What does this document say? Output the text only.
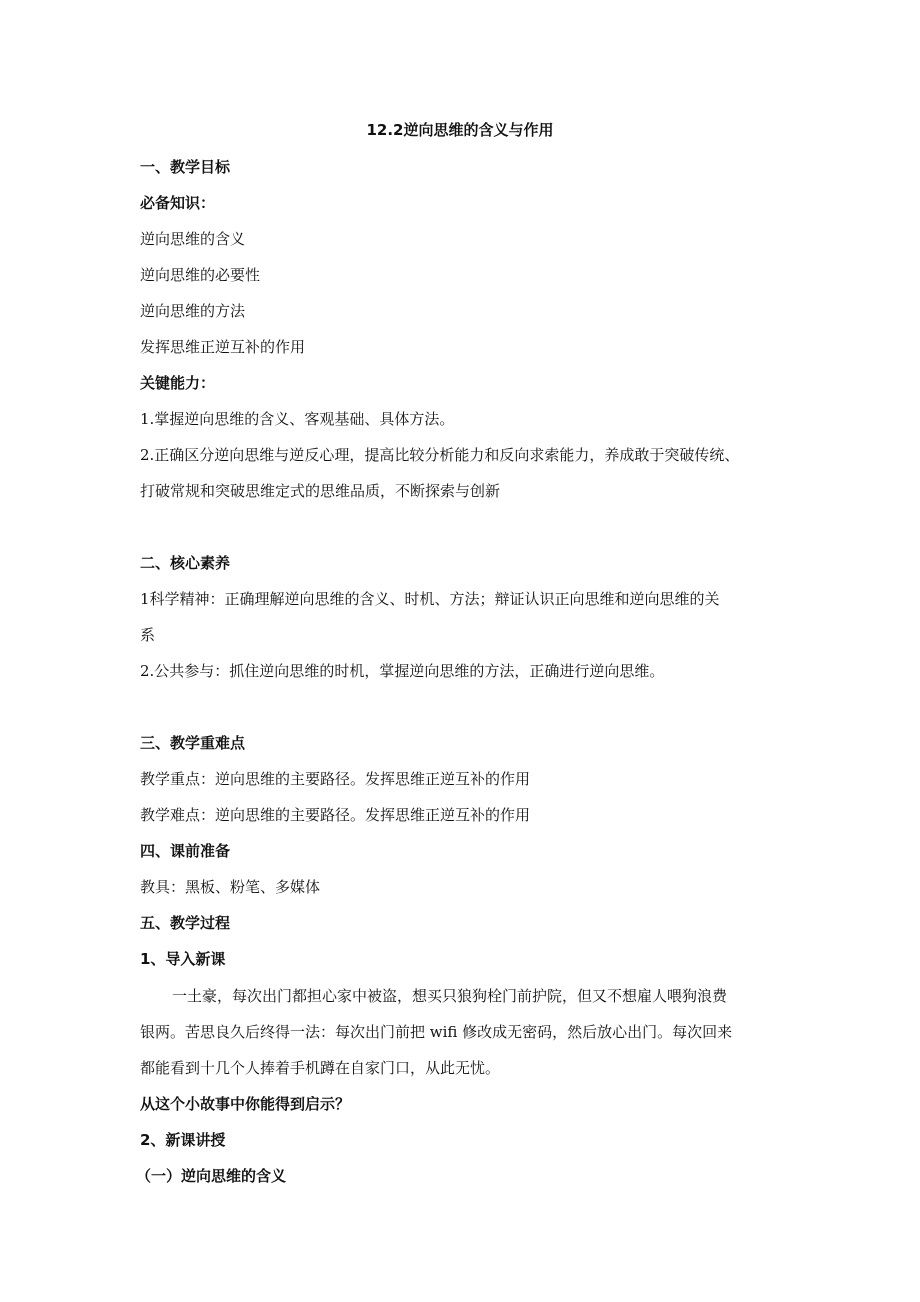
12.2逆向思维的含义与作用
一、教学目标
必备知识：
逆向思维的含义
逆向思维的必要性
逆向思维的方法
发挥思维正逆互补的作用
关键能力：
1.掌握逆向思维的含义、客观基础、具体方法。
2.正确区分逆向思维与逆反心理，提高比较分析能力和反向求索能力，养成敢于突破传统、
打破常规和突破思维定式的思维品质，不断探索与创新
二、核心素养
1科学精神：正确理解逆向思维的含义、时机、方法；辩证认识正向思维和逆向思维的关
系
2.公共参与：抓住逆向思维的时机，掌握逆向思维的方法，正确进行逆向思维。
三、教学重难点
教学重点：逆向思维的主要路径。发挥思维正逆互补的作用
教学难点：逆向思维的主要路径。发挥思维正逆互补的作用
四、课前准备
教具：黑板、粉笔、多媒体
五、教学过程
1、导入新课
一土豪，每次出门都担心家中被盗，想买只狼狗栓门前护院，但又不想雇人喂狗浪费
银两。苦思良久后终得一法：每次出门前把 wifi 修改成无密码，然后放心出门。每次回来
都能看到十几个人捧着手机蹲在自家门口，从此无忧。
从这个小故事中你能得到启示？
2、新课讲授
（一）逆向思维的含义
